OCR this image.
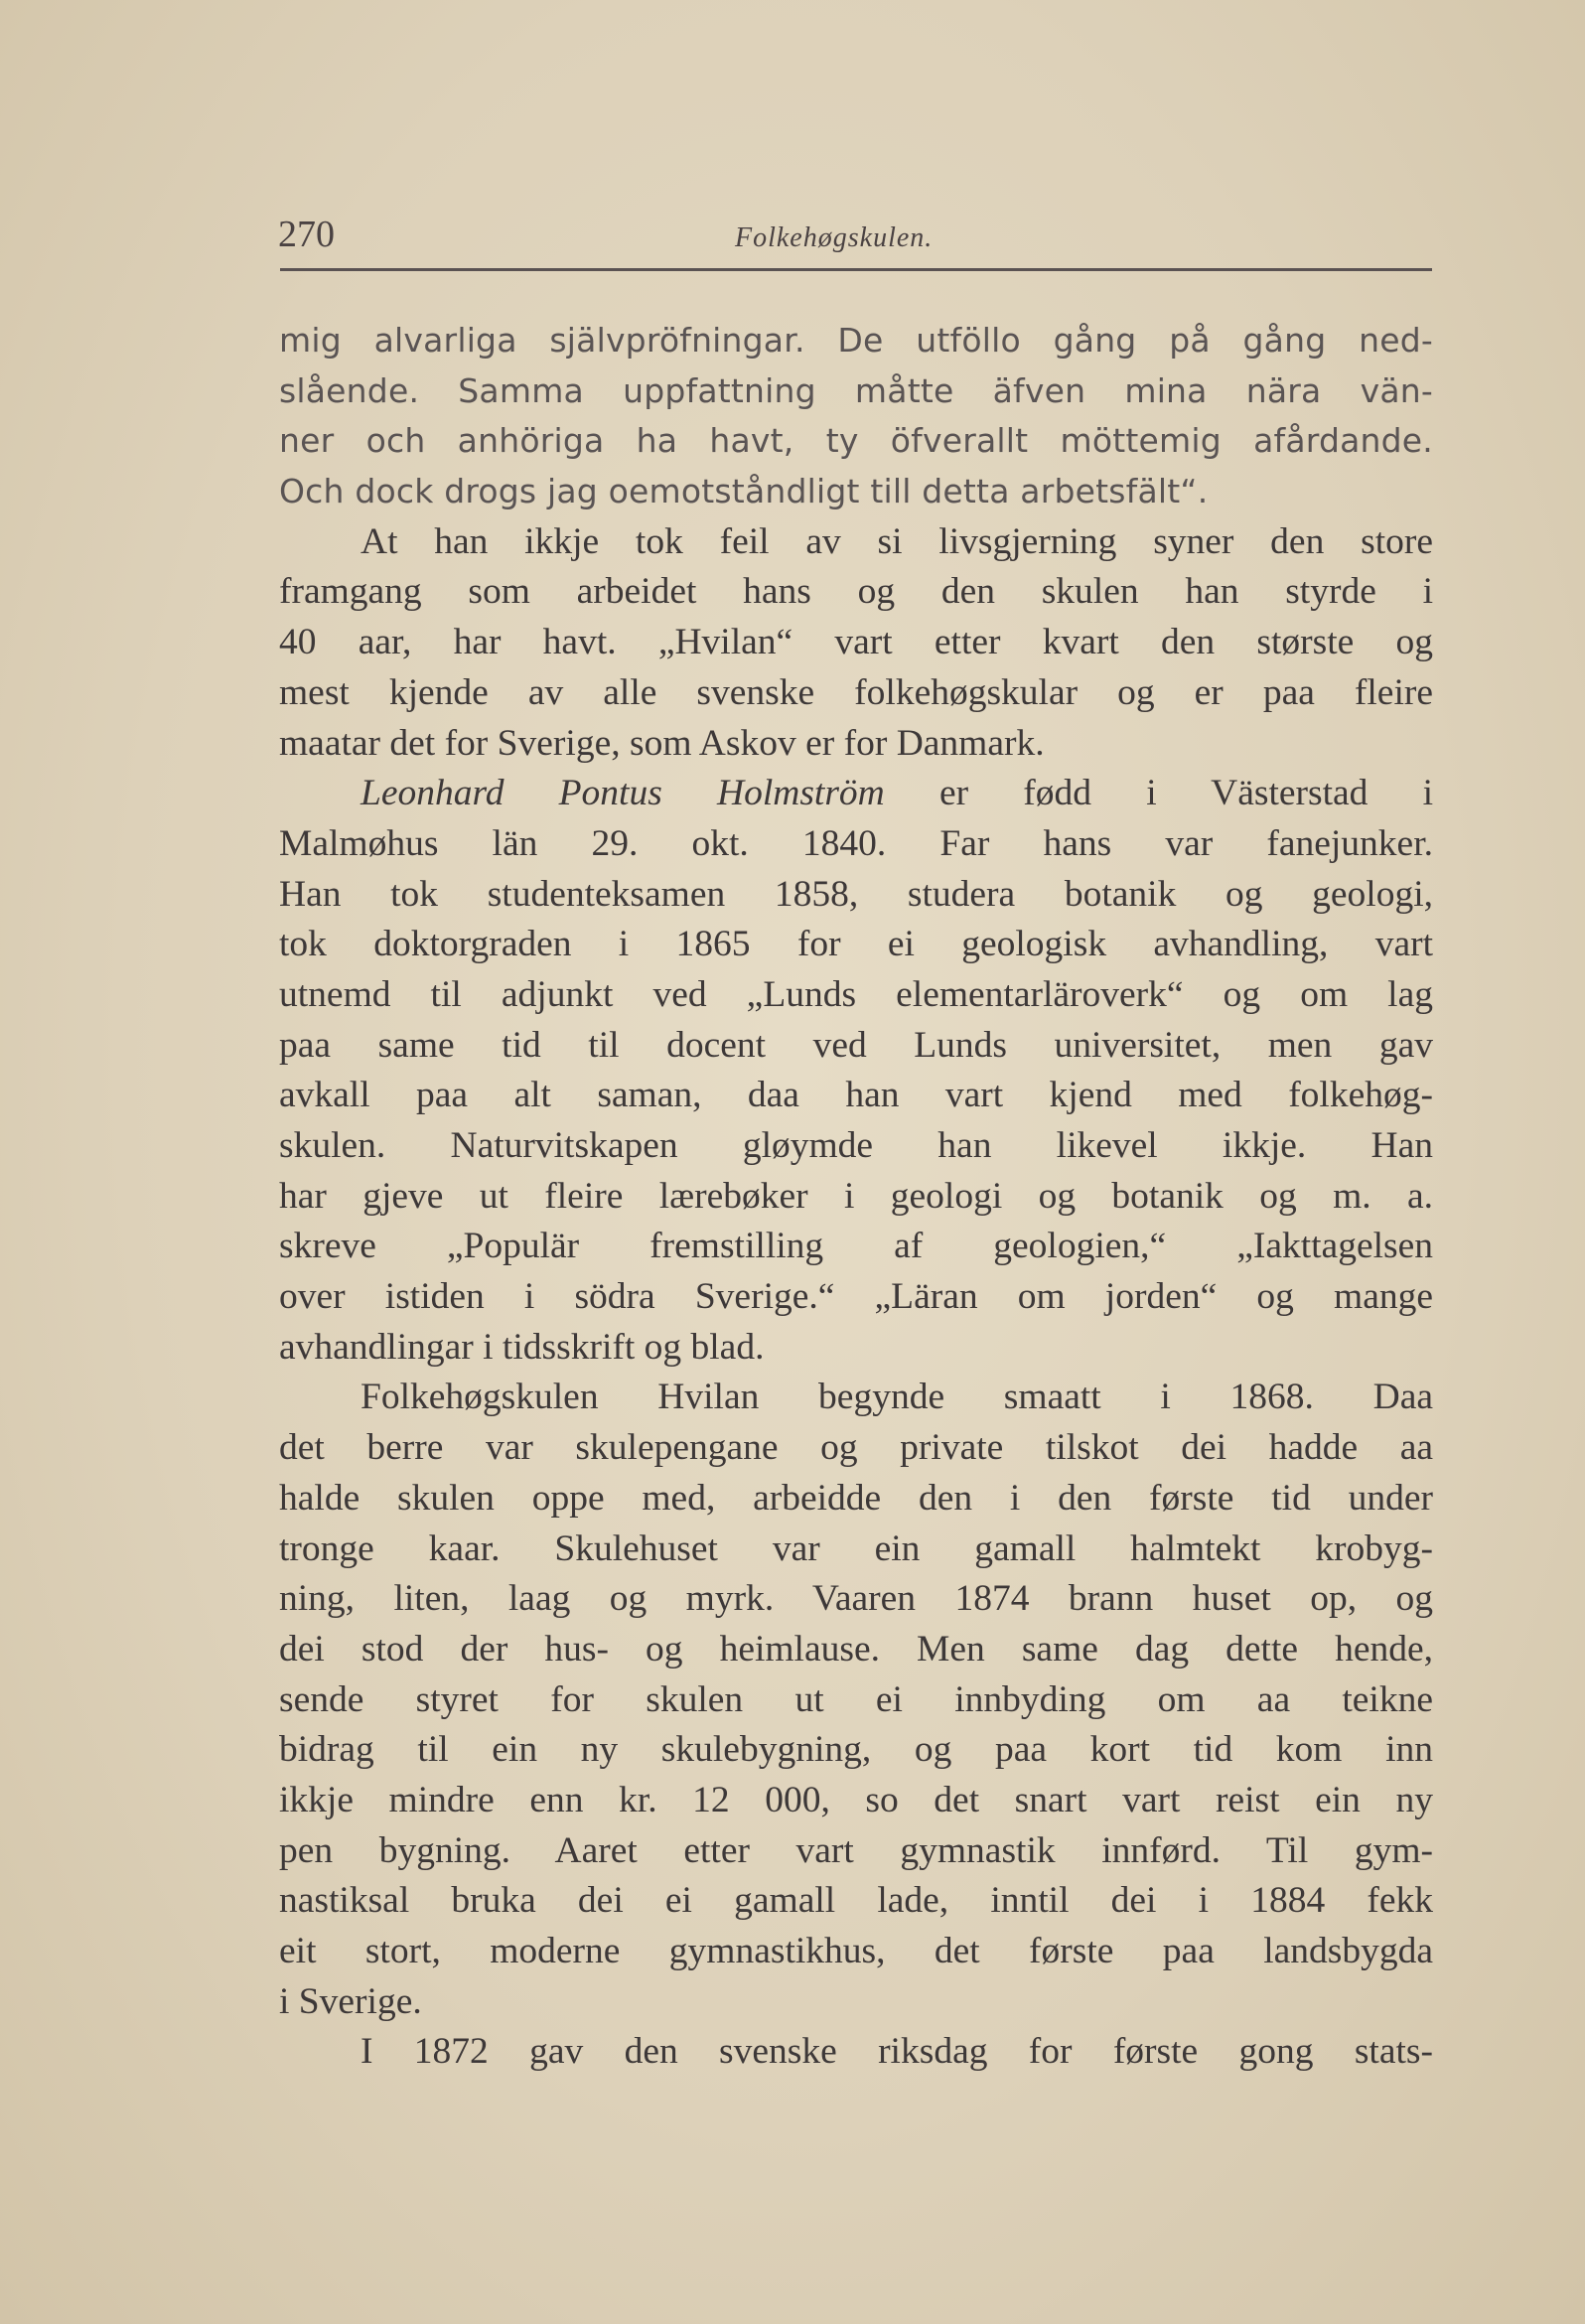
270	Folkehøgskulen.
mig alvarliga självpröfningar. De utföllo gång på gång ned-
slående. Samma uppfattning måtte äfven mina nära vän-
ner och anhöriga ha havt, ty öfverallt möttemig afårdande.
Och dock drogs jag oemotståndligt till detta arbetsfält“.
At han ikkje tok feil av si livsgjerning syner den store
framgang som arbeidet hans og den skulen han styrde i
40 aar, har havt. „Hvilan“ vart etter kvart den største og
mest kjende av alle svenske folkehøgskular og er paa fleire
maatar det for Sverige, som Askov er for Danmark.
Leonhard Pontus Holmström er fødd i Västerstad i
Malmøhus län 29. okt. 1840. Far hans var fanejunker.
Han tok studenteksamen 1858, studera botanik og geologi,
tok doktorgraden i 1865 for ei geologisk avhandling, vart
utnemd til adjunkt ved „Lunds elementarläroverk“ og om lag
paa same tid til docent ved Lunds universitet, men gav
avkall paa alt saman, daa han vart kjend med folkehøg-
skulen. Naturvitskapen gløymde han likevel ikkje. Han
har gjeve ut fleire lærebøker i geologi og botanik og m. a.
skreve „Populär fremstilling af geologien,“ „Iakttagelsen
over istiden i södra Sverige.“ „Läran om jorden“ og mange
avhandlingar i tidsskrift og blad.
Folkehøgskulen Hvilan begynde smaatt i 1868. Daa
det berre var skulepengane og private tilskot dei hadde aa
halde skulen oppe med, arbeidde den i den første tid under
tronge kaar. Skulehuset var ein gamall halmtekt krobyg-
ning, liten, laag og myrk. Vaaren 1874 brann huset op, og
dei stod der hus- og heimlause. Men same dag dette hende,
sende styret for skulen ut ei innbyding om aa teikne
bidrag til ein ny skulebygning, og paa kort tid kom inn
ikkje mindre enn kr. 12 000, so det snart vart reist ein ny
pen bygning. Aaret etter vart gymnastik innførd. Til gym-
nastiksal bruka dei ei gamall lade, inntil dei i 1884 fekk
eit stort, moderne gymnastikhus, det første paa landsbygda
i Sverige.
I 1872 gav den svenske riksdag for første gong stats-
